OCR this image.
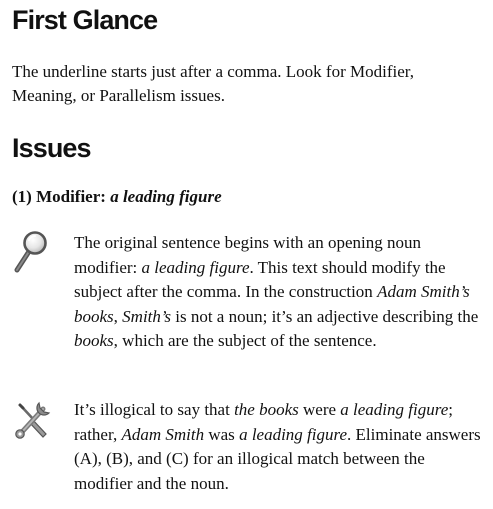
First Glance

The underline starts just after a comma. Look for Modifier, Meaning, or Parallelism issues.

Issues

(1) Modifier: a leading figure

The original sentence begins with an opening noun modifier: a leading figure. This text should modify the subject after the comma. In the construction Adam Smith’s books, Smith’s is not a noun; it’s an adjective describing the books, which are the subject of the sentence.

It’s illogical to say that the books were a leading figure; rather, Adam Smith was a leading figure. Eliminate answers (A), (B), and (C) for an illogical match between the modifier and the noun.
